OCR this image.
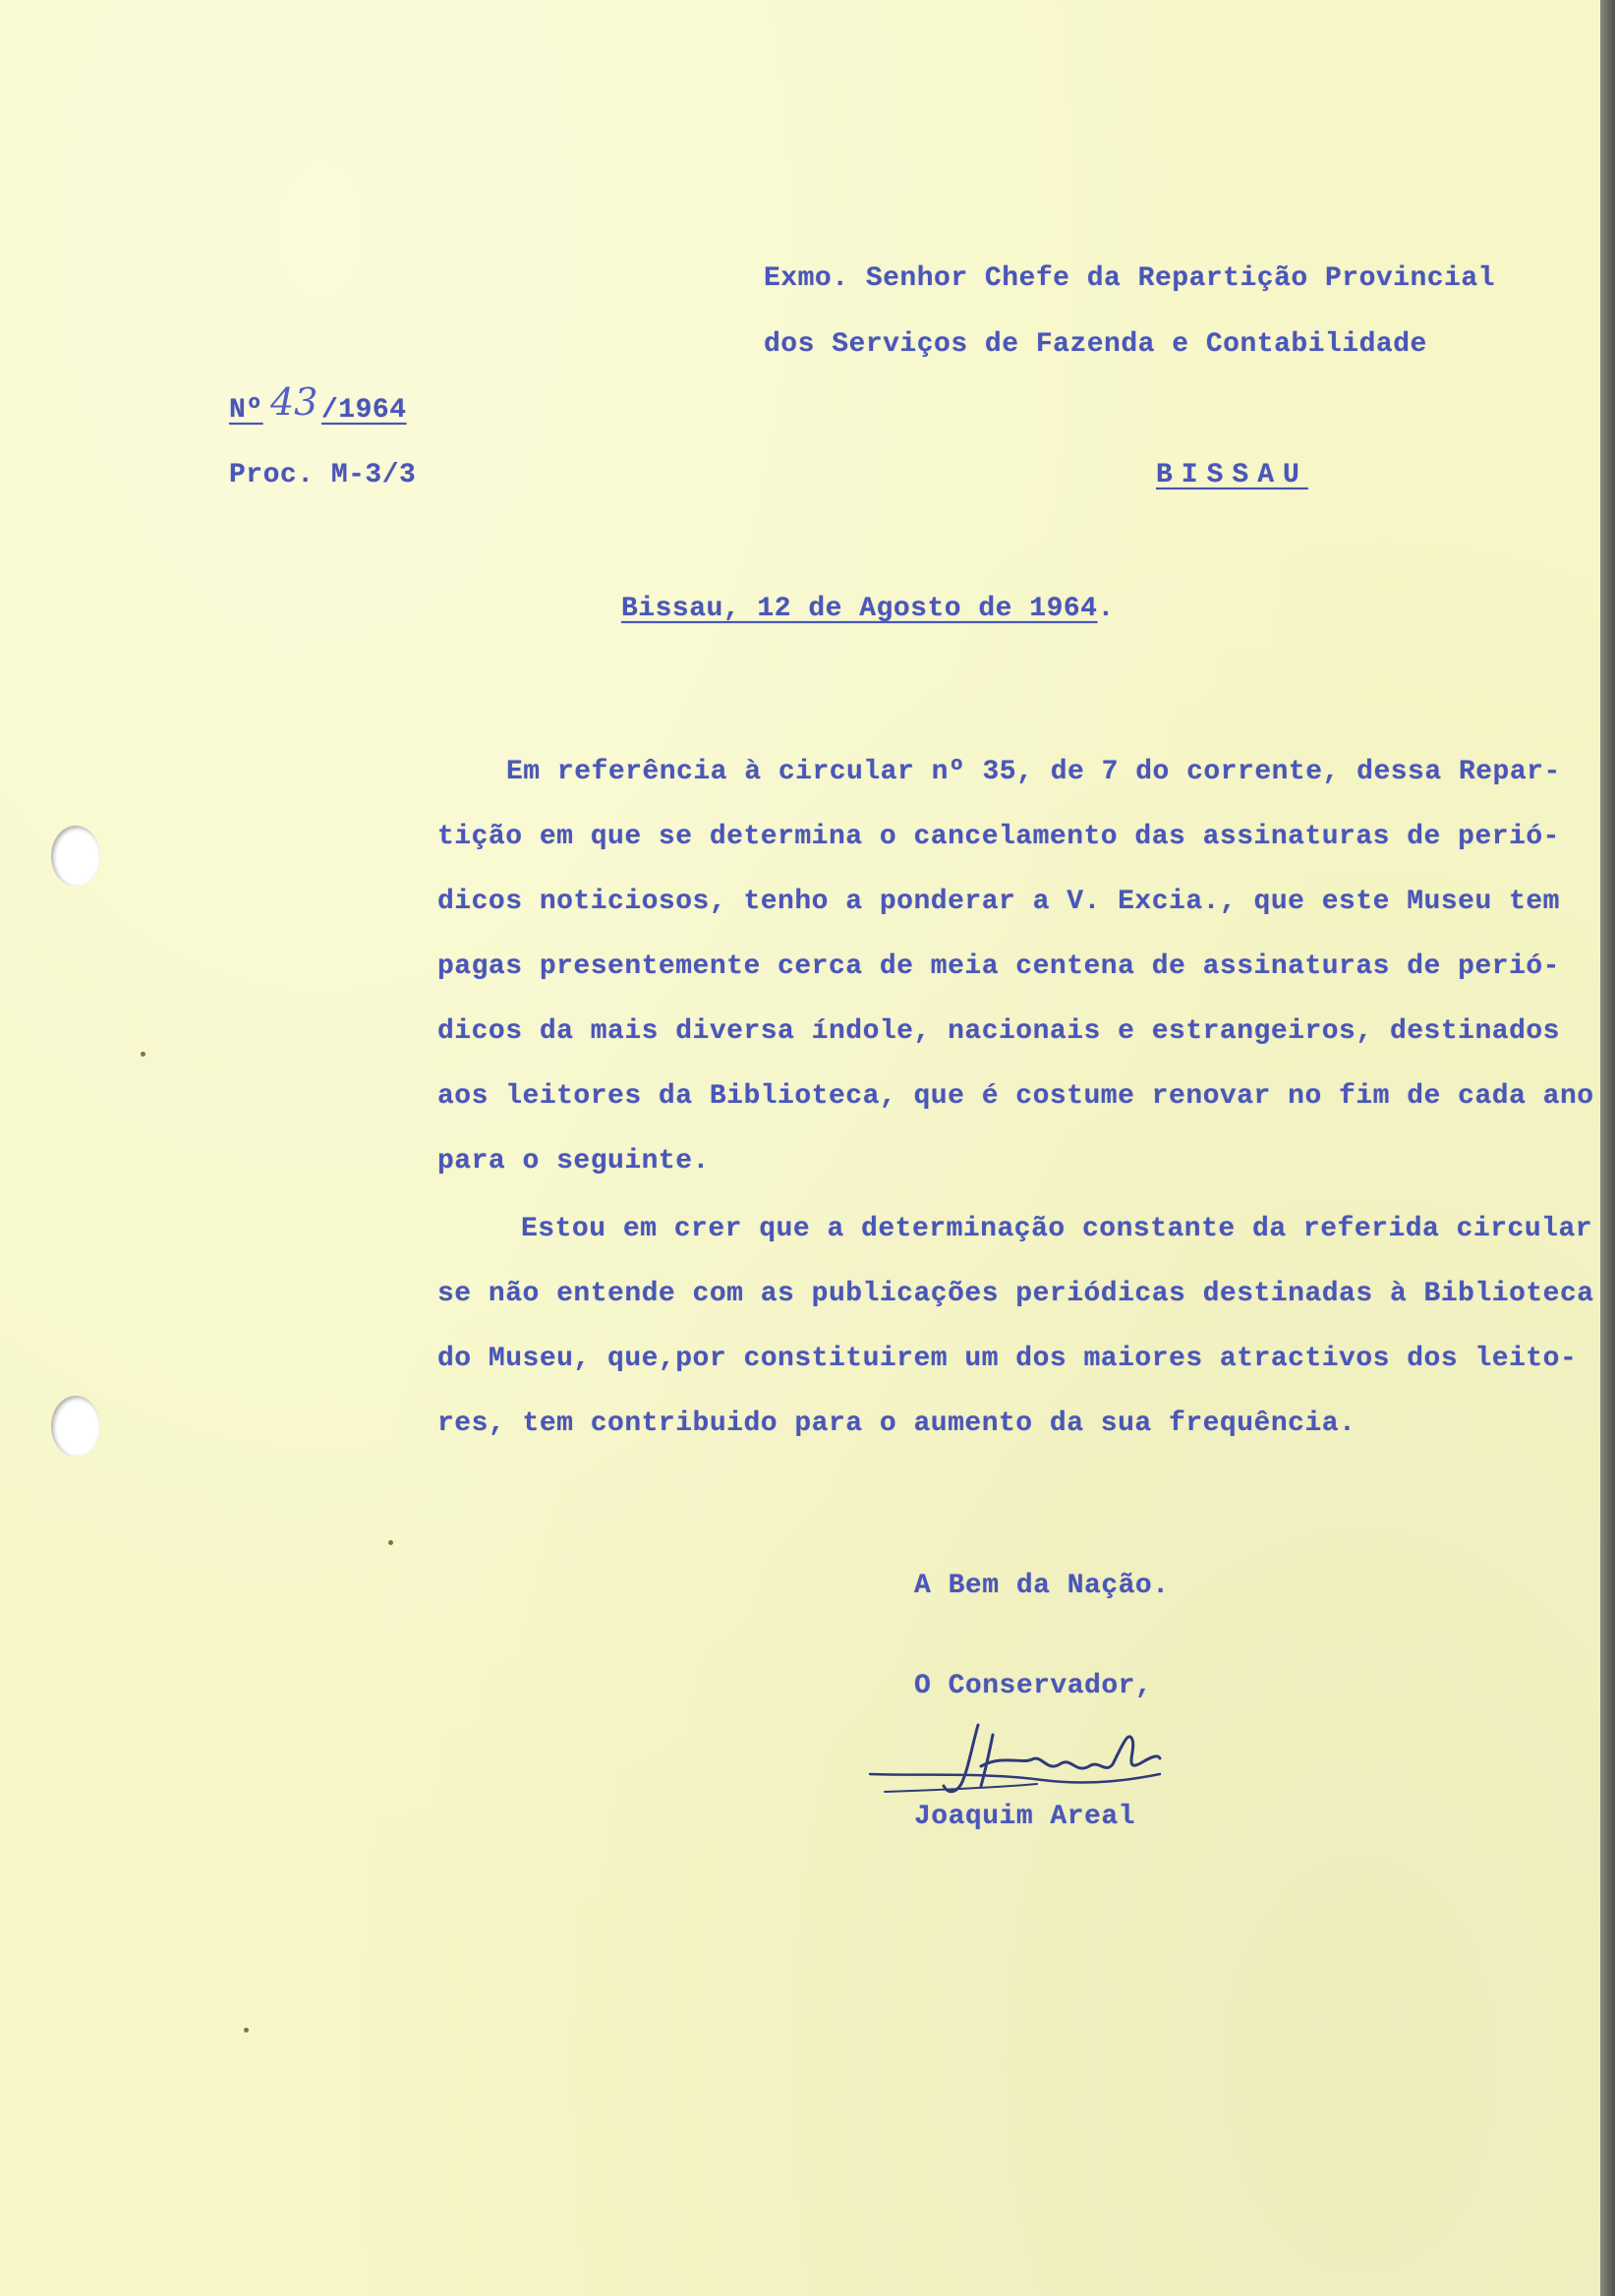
Exmo. Senhor Chefe da Repartição Provincial
dos Serviços de Fazenda e Contabilidade
BISSAU
Nº 43 /1964
Proc. M-3/3
Bissau, 12 de Agosto de 1964.
Em referência à circular nº 35, de 7 do corrente, dessa Repar-
tição em que se determina o cancelamento das assinaturas de perió-
dicos noticiosos, tenho a ponderar a V. Excia., que este Museu tem
pagas presentemente cerca de meia centena de assinaturas de perió-
dicos da mais diversa índole, nacionais e estrangeiros, destinados
aos leitores da Biblioteca, que é costume renovar no fim de cada ano
para o seguinte.
Estou em crer que a determinação constante da referida circular
se não entende com as publicações periódicas destinadas à Biblioteca
do Museu, que,por constituirem um dos maiores atractivos dos leito-
res, tem contribuido para o aumento da sua frequência.
A Bem da Nação.
O Conservador,
Joaquim Areal
